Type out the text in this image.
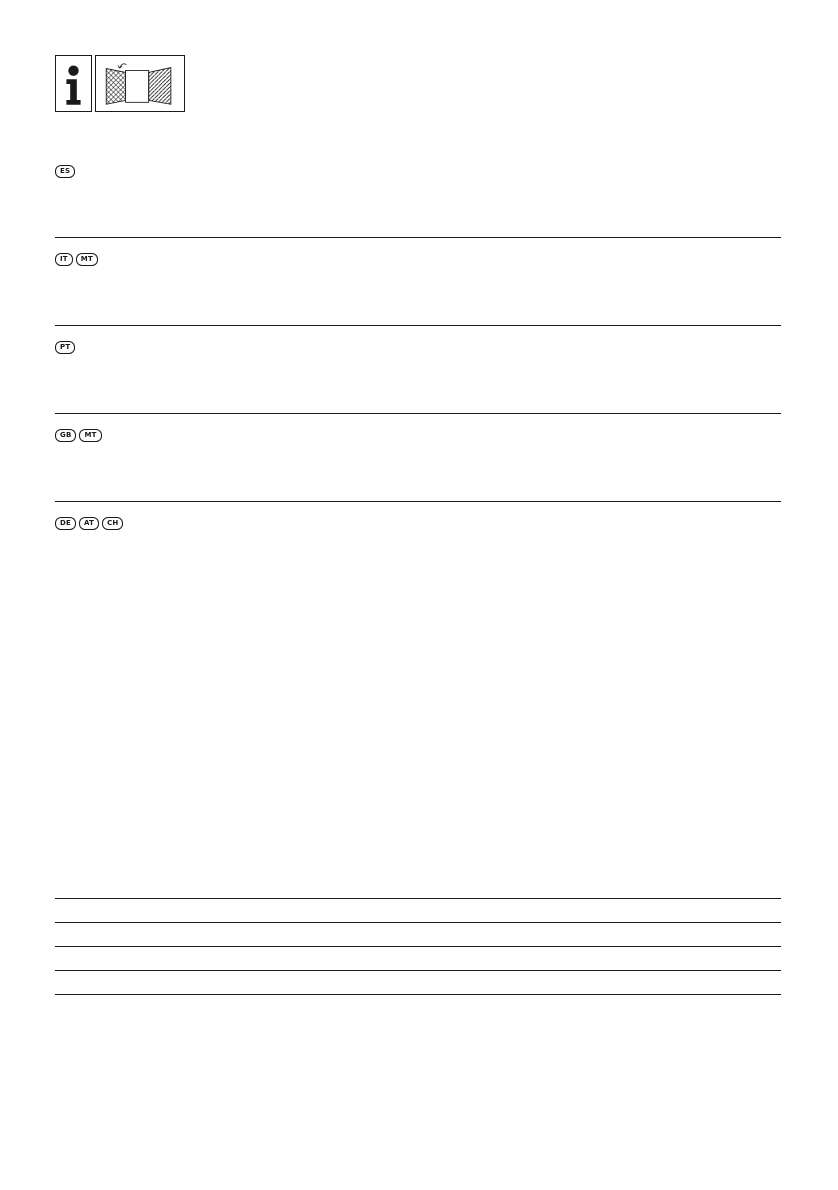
ES
IT	MT
PT
GB	MT
DE	AT	CH
